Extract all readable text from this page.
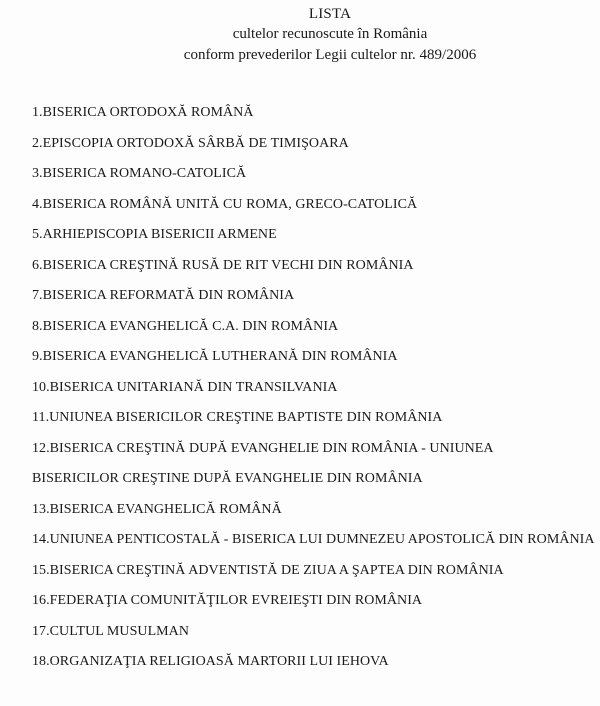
LISTA
cultelor recunoscute în România
conform prevederilor Legii cultelor nr. 489/2006
1.BISERICA ORTODOXĂ ROMÂNĂ
2.EPISCOPIA ORTODOXĂ SÂRBĂ DE TIMIŞOARA
3.BISERICA ROMANO-CATOLICĂ
4.BISERICA ROMÂNĂ UNITĂ CU ROMA, GRECO-CATOLICĂ
5.ARHIEPISCOPIA BISERICII ARMENE
6.BISERICA CREŞTINĂ RUSĂ DE RIT VECHI DIN ROMÂNIA
7.BISERICA REFORMATĂ DIN ROMÂNIA
8.BISERICA EVANGHELICĂ C.A. DIN ROMÂNIA
9.BISERICA EVANGHELICĂ LUTHERANĂ DIN ROMÂNIA
10.BISERICA UNITARIANĂ DIN TRANSILVANIA
11.UNIUNEA BISERICILOR CREŞTINE BAPTISTE DIN ROMÂNIA
12.BISERICA CREŞTINĂ DUPĂ EVANGHELIE DIN ROMÂNIA - UNIUNEA BISERICILOR CREŞTINE DUPĂ EVANGHELIE DIN ROMÂNIA
13.BISERICA EVANGHELICĂ ROMÂNĂ
14.UNIUNEA PENTICOSTALĂ - BISERICA LUI DUMNEZEU APOSTOLICĂ DIN ROMÂNIA
15.BISERICA CREŞTINĂ ADVENTISTĂ DE ZIUA A ŞAPTEA DIN ROMÂNIA
16.FEDERAŢIA COMUNITĂŢILOR EVREIEŞTI DIN ROMÂNIA
17.CULTUL MUSULMAN
18.ORGANIZAŢIA RELIGIOASĂ MARTORII LUI IEHOVA
